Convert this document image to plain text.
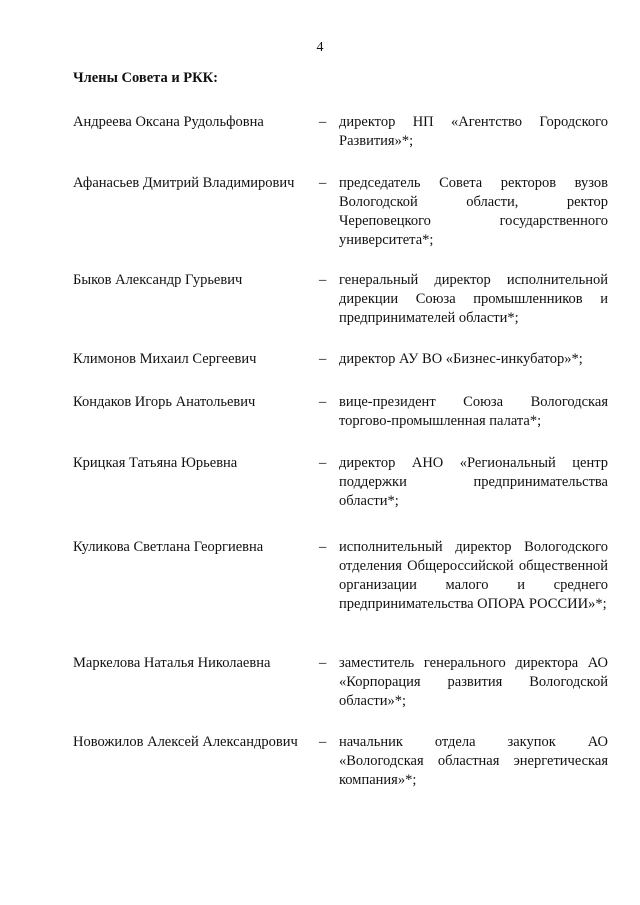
4
Члены Совета и РКК:
Андреева Оксана Рудольфовна	– директор НП «Агентство Городского Развития»*;
Афанасьев Дмитрий Владимирович – председатель Совета ректоров вузов Вологодской области, ректор Череповецкого государственного университета*;
Быков Александр Гурьевич	– генеральный директор исполнительной дирекции Союза промышленников и предпринимателей области*;
Климонов Михаил Сергеевич	– директор АУ ВО «Бизнес-инкубатор»*;
Кондаков Игорь Анатольевич	– вице-президент Союза Вологодская торгово-промышленная палата*;
Крицкая Татьяна Юрьевна	– директор АНО «Региональный центр поддержки предпринимательства области*;
Куликова Светлана Георгиевна	– исполнительный директор Вологодского отделения Общероссийской общественной организации малого и среднего предпринимательства ОПОРА РОССИИ»*;
Маркелова Наталья Николаевна	– заместитель генерального директора АО «Корпорация развития Вологодской области»*;
Новожилов Алексей Александрович – начальник отдела закупок АО «Вологодская областная энергетическая компания»*;
